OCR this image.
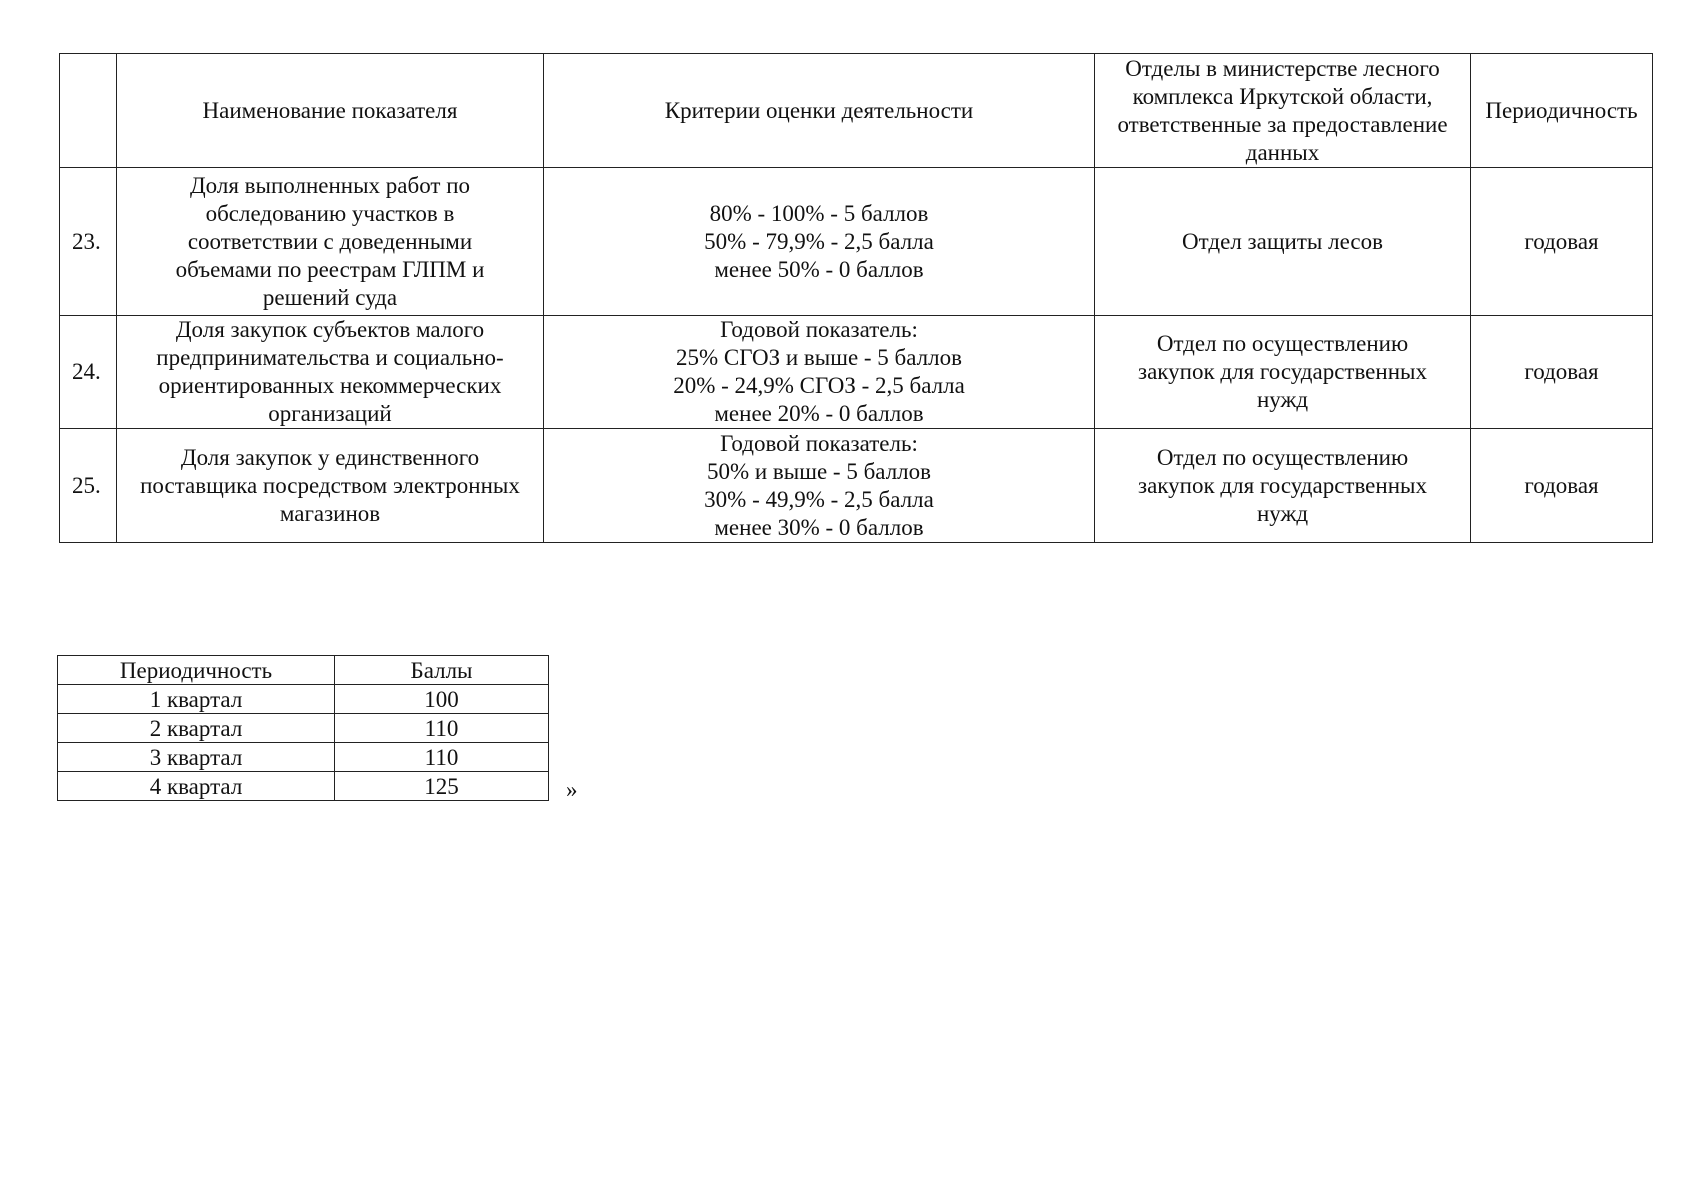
	Наименование показателя	Критерии оценки деятельности	Отделы в министерстве лесного комплекса Иркутской области, ответственные за предоставление данных	Периодичность
23.	Доля выполненных работ по обследованию участков в соответствии с доведенными объемами по реестрам ГЛПМ и решений суда	80% - 100% - 5 баллов
50% - 79,9% - 2,5 балла
менее 50% - 0 баллов	Отдел защиты лесов	годовая
24.	Доля закупок субъектов малого предпринимательства и социально-ориентированных некоммерческих организаций	Годовой показатель:
25% СГОЗ и выше - 5 баллов
20% - 24,9% СГОЗ - 2,5 балла
менее 20% - 0 баллов	Отдел по осуществлению закупок для государственных нужд	годовая
25.	Доля закупок у единственного поставщика посредством электронных магазинов	Годовой показатель:
50% и выше - 5 баллов
30% - 49,9% - 2,5 балла
менее 30% - 0 баллов	Отдел по осуществлению закупок для государственных нужд	годовая
Периодичность	Баллы
1 квартал	100
2 квартал	110
3 квартал	110
4 квартал	125	»
